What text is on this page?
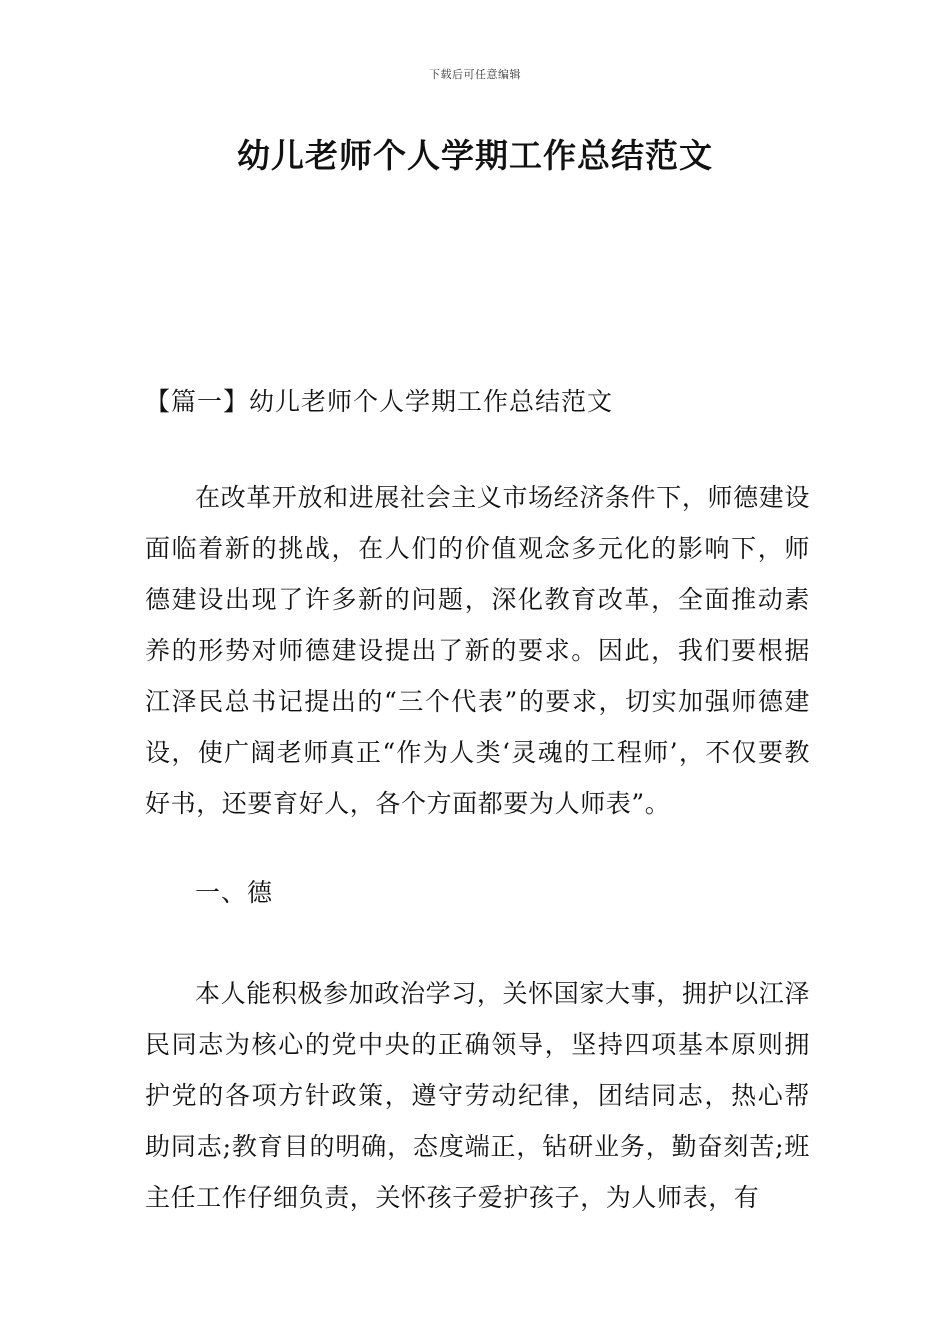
下载后可任意编辑
幼儿老师个人学期工作总结范文
【篇一】幼儿老师个人学期工作总结范文

在改革开放和进展社会主义市场经济条件下，师德建设面临着新的挑战，在人们的价值观念多元化的影响下，师德建设出现了许多新的问题，深化教育改革，全面推动素养的形势对师德建设提出了新的要求。因此，我们要根据江泽民总书记提出的“三个代表”的要求，切实加强师德建设，使广阔老师真正“作为人类‘灵魂的工程师’，不仅要教好书，还要育好人，各个方面都要为人师表”。

一、德

本人能积极参加政治学习，关怀国家大事，拥护以江泽民同志为核心的党中央的正确领导，坚持四项基本原则拥护党的各项方针政策，遵守劳动纪律，团结同志，热心帮助同志;教育目的明确，态度端正，钻研业务，勤奋刻苦;班主任工作仔细负责，关怀孩子爱护孩子，为人师表，有
